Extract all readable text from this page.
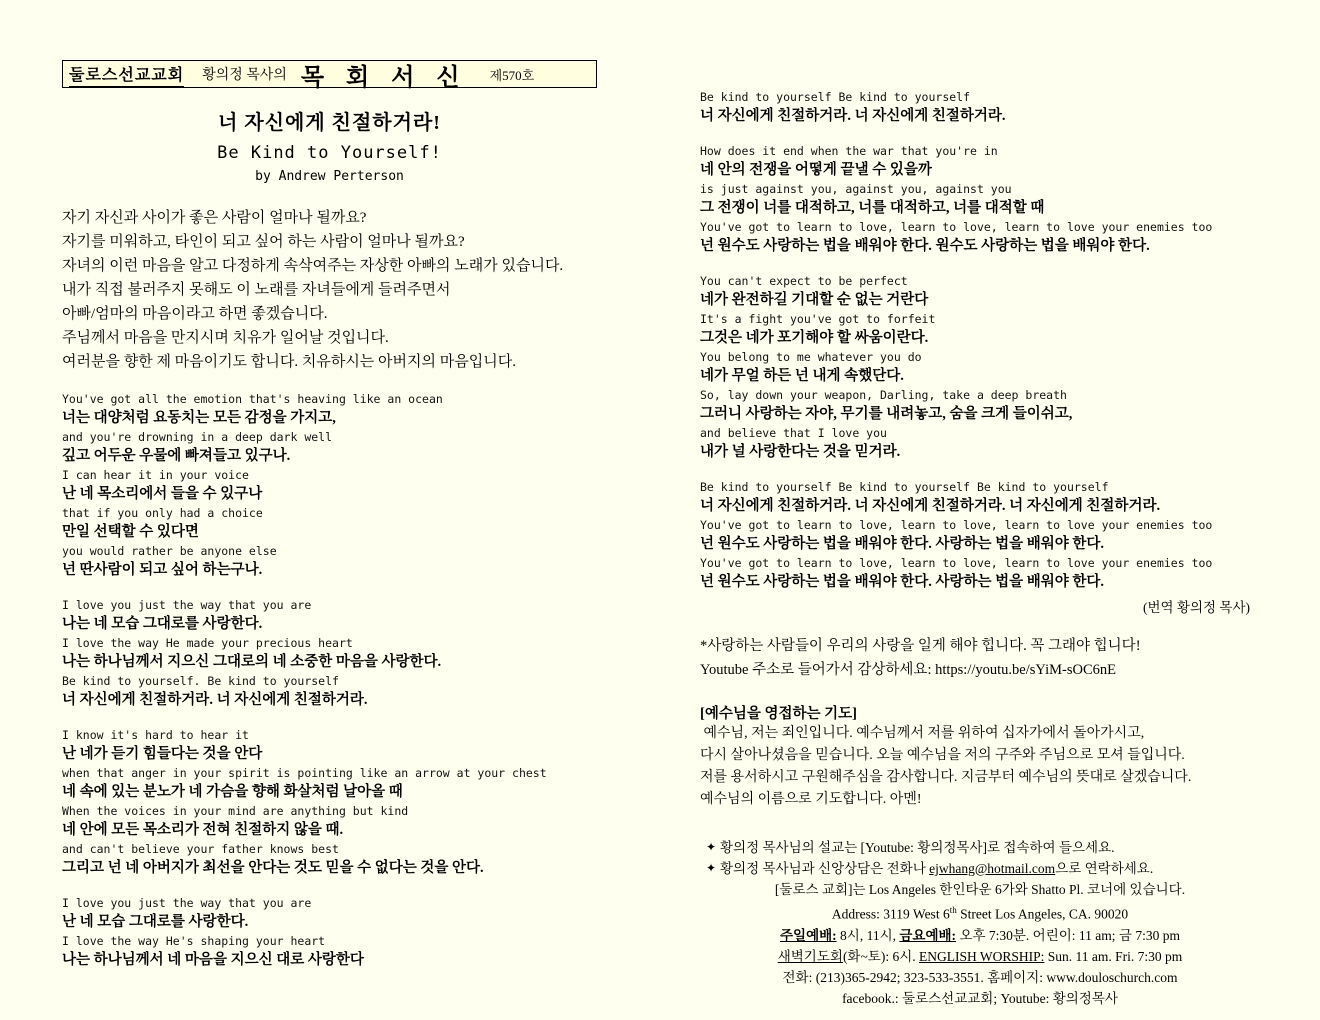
둘로스선교교회 황의정 목사의 목 회 서 신 제570호
너 자신에게 친절하거라!
Be Kind to Yourself!
by Andrew Perterson
자기 자신과 사이가 좋은 사람이 얼마나 될까요?
자기를 미워하고, 타인이 되고 싶어 하는 사람이 얼마나 될까요?
자녀의 이런 마음을 알고 다정하게 속삭여주는 자상한 아빠의 노래가 있습니다.
내가 직접 불러주지 못해도 이 노래를 자녀들에게 들려주면서
아빠/엄마의 마음이라고 하면 좋겠습니다.
주님께서 마음을 만지시며 치유가 일어날 것입니다.
여러분을 향한 제 마음이기도 합니다. 치유하시는 아버지의 마음입니다.
You've got all the emotion that's heaving like an ocean
너는 대양처럼 요동치는 모든 감정을 가지고,
and you're drowning in a deep dark well
깊고 어두운 우물에 빠져들고 있구나.
I can hear it in your voice
난 네 목소리에서 들을 수 있구나
that if you only had a choice
만일 선택할 수 있다면
you would rather be anyone else
넌 딴사람이 되고 싶어 하는구나.
I love you just the way that you are
나는 네 모습 그대로를 사랑한다.
I love the way He made your precious heart
나는 하나님께서 지으신 그대로의 네 소중한 마음을 사랑한다.
Be kind to yourself. Be kind to yourself
너 자신에게 친절하거라. 너 자신에게 친절하거라.
I know it's hard to hear it
난 네가 듣기 힘들다는 것을 안다
when that anger in your spirit is pointing like an arrow at your chest
네 속에 있는 분노가 네 가슴을 향해 화살처럼 날아올 때
When the voices in your mind are anything but kind
네 안에 모든 목소리가 전혀 친절하지 않을 때.
and can't believe your father knows best
그리고 넌 네 아버지가 최선을 안다는 것도 믿을 수 없다는 것을 안다.
I love you just the way that you are
난 네 모습 그대로를 사랑한다.
I love the way He's shaping your heart
나는 하나님께서 네 마음을 지으신 대로 사랑한다
Be kind to yourself Be kind to yourself
너 자신에게 친절하거라. 너 자신에게 친절하거라.
How does it end when the war that you're in
네 안의 전쟁을 어떻게 끝낼 수 있을까
is just against you, against you, against you
그 전쟁이 너를 대적하고, 너를 대적하고, 너를 대적할 때
You've got to learn to love, learn to love, learn to love your enemies too
넌 원수도 사랑하는 법을 배워야 한다. 원수도 사랑하는 법을 배워야 한다.
You can't expect to be perfect
네가 완전하길 기대할 순 없는 거란다
It's a fight you've got to forfeit
그것은 네가 포기해야 할 싸움이란다.
You belong to me whatever you do
네가 무얼 하든 넌 내게 속했단다.
So, lay down your weapon, Darling, take a deep breath
그러니 사랑하는 자야, 무기를 내려놓고, 숨을 크게 들이쉬고,
and believe that I love you
내가 널 사랑한다는 것을 믿거라.
Be kind to yourself Be kind to yourself Be kind to yourself
너 자신에게 친절하거라. 너 자신에게 친절하거라. 너 자신에게 친절하거라.
You've got to learn to love, learn to love, learn to love your enemies too
넌 원수도 사랑하는 법을 배워야 한다. 사랑하는 법을 배워야 한다.
You've got to learn to love, learn to love, learn to love your enemies too
넌 원수도 사랑하는 법을 배워야 한다. 사랑하는 법을 배워야 한다.
(번역 황의정 목사)
*사랑하는 사람들이 우리의 사랑을 일게 해야 힙니다. 꼭 그래야 힙니다!
Youtube 주소로 들어가서 감상하세요: https://youtu.be/sYiM-sOC6nE
[예수님을 영접하는 기도]
예수님, 저는 죄인입니다. 예수님께서 저를 위하여 십자가에서 돌아가시고,
다시 살아나셨음을 믿습니다. 오늘 예수님을 저의 구주와 주님으로 모셔 들입니다.
저를 용서하시고 구원해주심을 감사합니다. 지금부터 예수님의 뜻대로 살겠습니다.
예수님의 이름으로 기도합니다. 아멘!
✦ 황의정 목사님의 설교는 [Youtube: 황의정목사]로 접속하여 들으세요.
✦ 황의정 목사님과 신앙상담은 전화나 ejwhang@hotmail.com으로 연락하세요.
[둘로스 교회]는 Los Angeles 한인타운 6가와 Shatto Pl. 코너에 있습니다.
Address: 3119 West 6th Street Los Angeles, CA. 90020
주일예배: 8시, 11시, 금요예배: 오후 7:30분. 어린이: 11 am; 금 7:30 pm
새벽기도회(화~토): 6시. ENGLISH WORSHIP: Sun. 11 am. Fri. 7:30 pm
전화: (213)365-2942; 323-533-3551. 홈페이지: www.douloschurch.com
facebook.: 둘로스선교교회; Youtube: 황의정목사
